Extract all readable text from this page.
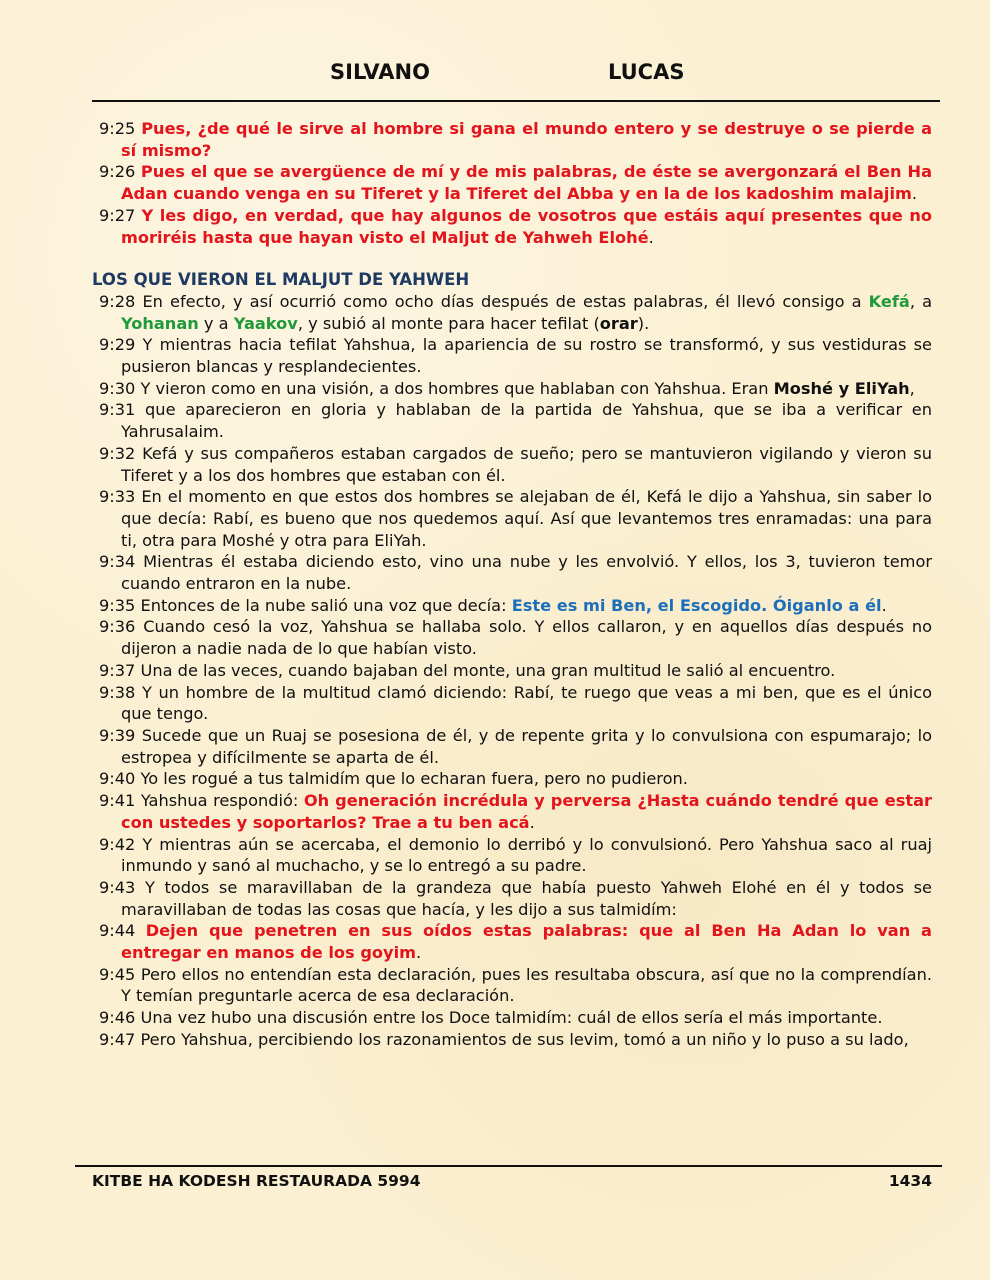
SILVANO	LUCAS
9:25 Pues, ¿de qué le sirve al hombre si gana el mundo entero y se destruye o se pierde a sí mismo?
9:26 Pues el que se avergüence de mí y de mis palabras, de éste se avergonzará el Ben Ha Adan cuando venga en su Tiferet y la Tiferet del Abba y en la de los kadoshim malajim.
9:27 Y les digo, en verdad, que hay algunos de vosotros que estáis aquí presentes que no moriréis hasta que hayan visto el Maljut de Yahweh Elohé.
LOS QUE VIERON EL MALJUT DE YAHWEH
9:28 En efecto, y así ocurrió como ocho días después de estas palabras, él llevó consigo a Kefá, a Yohanan y a Yaakov, y subió al monte para hacer tefilat (orar).
9:29 Y mientras hacia tefilat Yahshua, la apariencia de su rostro se transformó, y sus vestiduras se pusieron blancas y resplandecientes.
9:30 Y vieron como en una visión, a dos hombres que hablaban con Yahshua. Eran Moshé y EliYah,
9:31 que aparecieron en gloria y hablaban de la partida de Yahshua, que se iba a verificar en Yahrusalaim.
9:32 Kefá y sus compañeros estaban cargados de sueño; pero se mantuvieron vigilando y vieron su Tiferet y a los dos hombres que estaban con él.
9:33 En el momento en que estos dos hombres se alejaban de él, Kefá le dijo a Yahshua, sin saber lo que decía: Rabí, es bueno que nos quedemos aquí. Así que levantemos tres enramadas: una para ti, otra para Moshé y otra para EliYah.
9:34 Mientras él estaba diciendo esto, vino una nube y les envolvió. Y ellos, los 3, tuvieron temor cuando entraron en la nube.
9:35 Entonces de la nube salió una voz que decía: Este es mi Ben, el Escogido. Óiganlo a él.
9:36 Cuando cesó la voz, Yahshua se hallaba solo. Y ellos callaron, y en aquellos días después no dijeron a nadie nada de lo que habían visto.
9:37 Una de las veces, cuando bajaban del monte, una gran multitud le salió al encuentro.
9:38 Y un hombre de la multitud clamó diciendo: Rabí, te ruego que veas a mi ben, que es el único que tengo.
9:39 Sucede que un Ruaj se posesiona de él, y de repente grita y lo convulsiona con espumarajo; lo estropea y difícilmente se aparta de él.
9:40 Yo les rogué a tus talmidím que lo echaran fuera, pero no pudieron.
9:41 Yahshua respondió: Oh generación incrédula y perversa ¿Hasta cuándo tendré que estar con ustedes y soportarlos? Trae a tu ben acá.
9:42 Y mientras aún se acercaba, el demonio lo derribó y lo convulsionó. Pero Yahshua saco al ruaj inmundo y sanó al muchacho, y se lo entregó a su padre.
9:43 Y todos se maravillaban de la grandeza que había puesto Yahweh Elohé en él y todos se maravillaban de todas las cosas que hacía, y les dijo a sus talmidím:
9:44 Dejen que penetren en sus oídos estas palabras: que al Ben Ha Adan lo van a entregar en manos de los goyim.
9:45 Pero ellos no entendían esta declaración, pues les resultaba obscura, así que no la comprendían. Y temían preguntarle acerca de esa declaración.
9:46 Una vez hubo una discusión entre los Doce talmidím: cuál de ellos sería el más importante.
9:47 Pero Yahshua, percibiendo los razonamientos de sus levim, tomó a un niño y lo puso a su lado,
KITBE HA KODESH RESTAURADA 5994	1434
